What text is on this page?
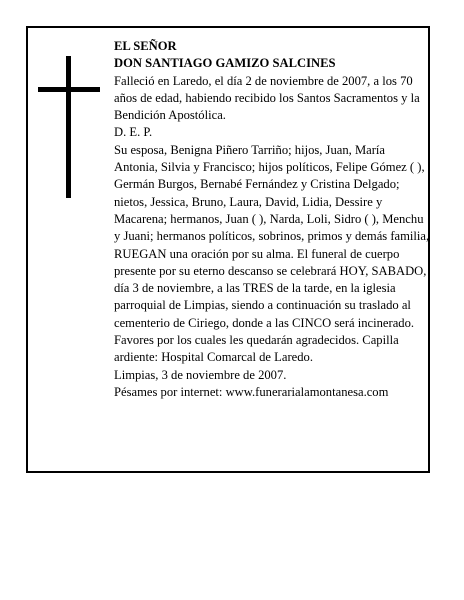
EL SEÑOR

DON SANTIAGO GAMIZO SALCINES

Falleció en Laredo, el día 2 de noviembre de 2007, a los 70 años de edad, habiendo recibido los Santos Sacramentos y la Bendición Apostólica.

D. E. P.

Su esposa, Benigna Piñero Tarriño; hijos, Juan, María Antonia, Silvia y Francisco; hijos políticos, Felipe Gómez ( ), Germán Burgos, Bernabé Fernández y Cristina Delgado; nietos, Jessica, Bruno, Laura, David, Lidia, Dessire y Macarena; hermanos, Juan ( ), Narda, Loli, Sidro ( ), Menchu y Juani; hermanos políticos, sobrinos, primos y demás familia,

RUEGAN una oración por su alma. El funeral de cuerpo presente por su eterno descanso se celebrará HOY, SABADO, día 3 de noviembre, a las TRES de la tarde, en la iglesia parroquial de Limpias, siendo a continuación su traslado al cementerio de Ciriego, donde a las CINCO será incinerado. Favores por los cuales les quedarán agradecidos. Capilla ardiente: Hospital Comarcal de Laredo.

Limpias, 3 de noviembre de 2007.

Pésames por internet: www.funerarialamontanesa.com
